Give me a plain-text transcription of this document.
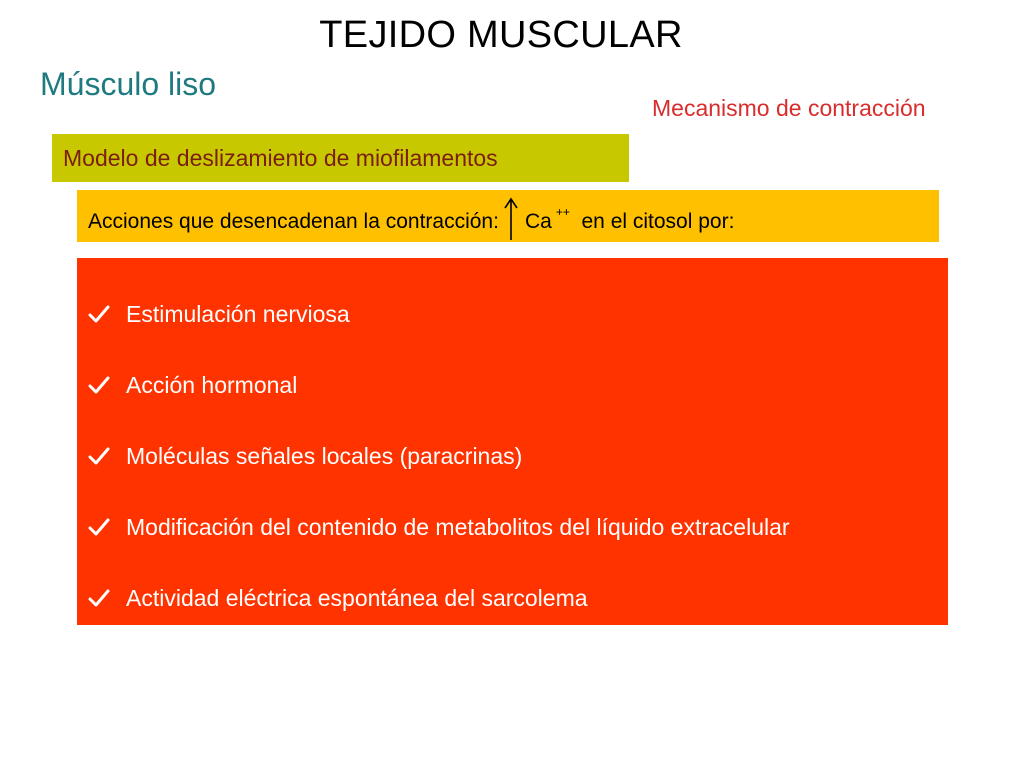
TEJIDO MUSCULAR
Músculo liso
Mecanismo de contracción
Modelo de deslizamiento de miofilamentos
Acciones que desencadenan la contracción: Ca ++ en el citosol por:
Estimulación nerviosa
Acción hormonal
Moléculas señales locales (paracrinas)
Modificación del contenido de metabolitos del líquido extracelular
Actividad eléctrica espontánea del sarcolema
